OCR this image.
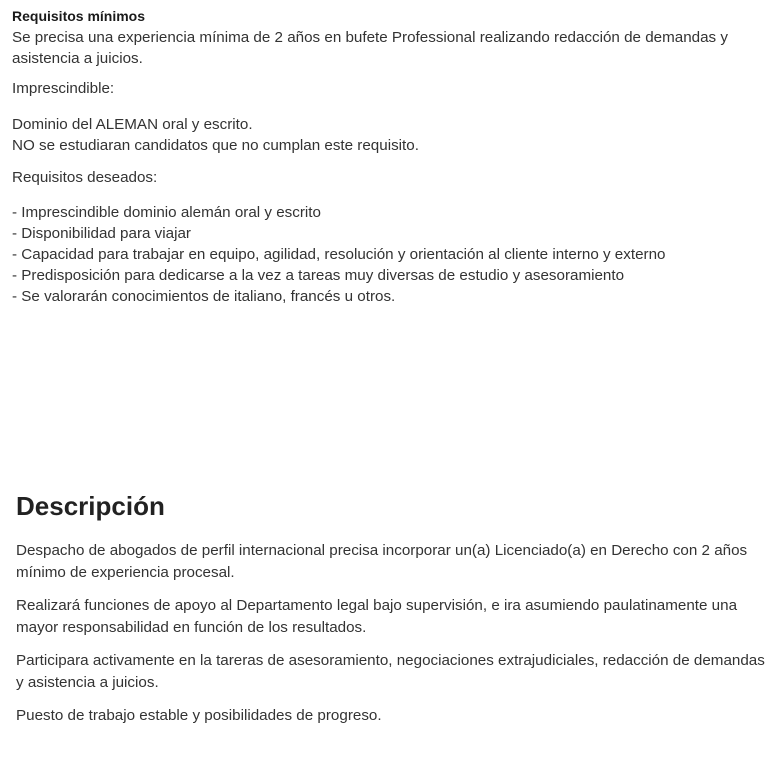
Requisitos mínimos

Se precisa una experiencia mínima de 2 años en bufete Professional realizando redacción de demandas y asistencia a juicios.

Imprescindible:

Dominio del ALEMAN oral y escrito.
NO se estudiaran candidatos que no cumplan este requisito.

Requisitos deseados:

- Imprescindible dominio alemán oral y escrito
- Disponibilidad para viajar
- Capacidad para trabajar en equipo, agilidad, resolución y orientación al cliente interno y externo
- Predisposición para dedicarse a la vez a tareas muy diversas de estudio y asesoramiento
- Se valorarán conocimientos de italiano, francés u otros.
Descripción

Despacho de abogados de perfil internacional precisa incorporar un(a) Licenciado(a) en Derecho con 2 años mínimo de experiencia procesal.

Realizará funciones de apoyo al Departamento legal bajo supervisión, e ira asumiendo paulatinamente una mayor responsabilidad en función de los resultados.

Participara activamente en la tareras de asesoramiento, negociaciones extrajudiciales, redacción de demandas y asistencia a juicios.

Puesto de trabajo estable y posibilidades de progreso.
